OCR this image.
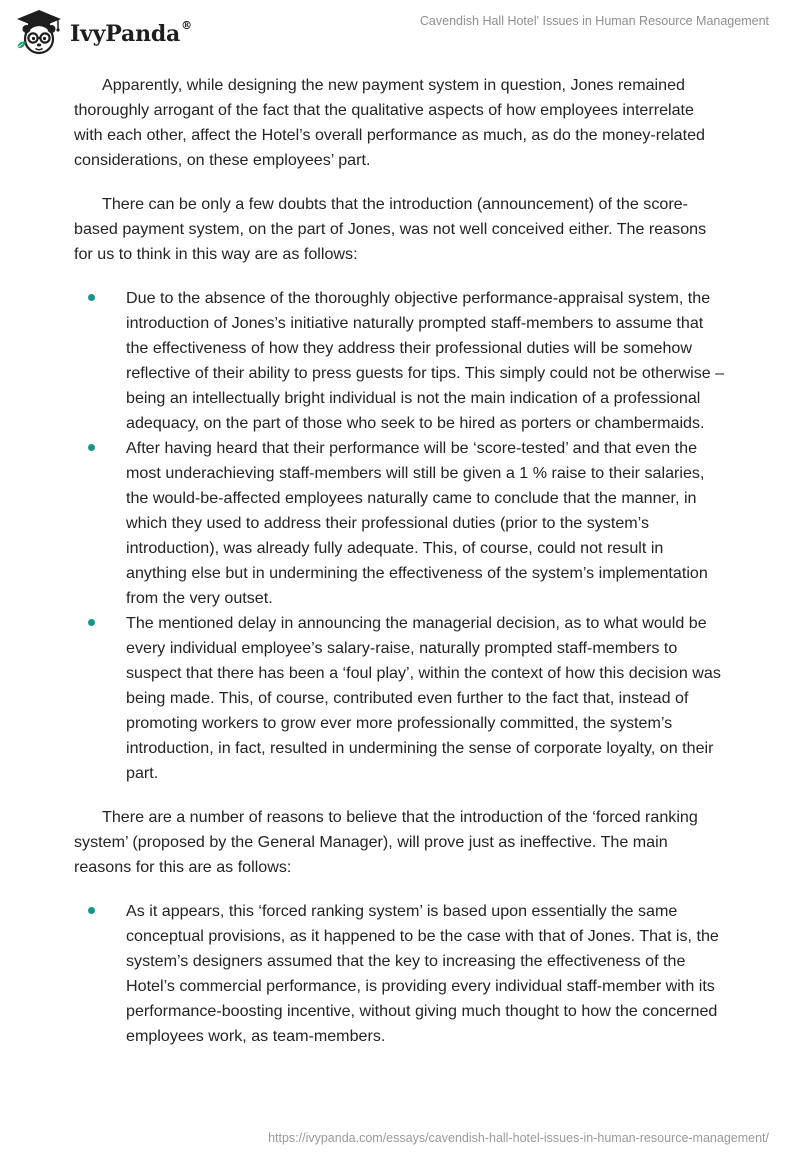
IvyPanda®	Cavendish Hall Hotel' Issues in Human Resource Management

Apparently, while designing the new payment system in question, Jones remained thoroughly arrogant of the fact that the qualitative aspects of how employees interrelate with each other, affect the Hotel’s overall performance as much, as do the money-related considerations, on these employees’ part.

There can be only a few doubts that the introduction (announcement) of the score-based payment system, on the part of Jones, was not well conceived either. The reasons for us to think in this way are as follows:

Due to the absence of the thoroughly objective performance-appraisal system, the introduction of Jones’s initiative naturally prompted staff-members to assume that the effectiveness of how they address their professional duties will be somehow reflective of their ability to press guests for tips. This simply could not be otherwise – being an intellectually bright individual is not the main indication of a professional adequacy, on the part of those who seek to be hired as porters or chambermaids.
After having heard that their performance will be ‘score-tested’ and that even the most underachieving staff-members will still be given a 1 % raise to their salaries, the would-be-affected employees naturally came to conclude that the manner, in which they used to address their professional duties (prior to the system’s introduction), was already fully adequate. This, of course, could not result in anything else but in undermining the effectiveness of the system’s implementation from the very outset.
The mentioned delay in announcing the managerial decision, as to what would be every individual employee’s salary-raise, naturally prompted staff-members to suspect that there has been a ‘foul play’, within the context of how this decision was being made. This, of course, contributed even further to the fact that, instead of promoting workers to grow ever more professionally committed, the system’s introduction, in fact, resulted in undermining the sense of corporate loyalty, on their part.

There are a number of reasons to believe that the introduction of the ‘forced ranking system’ (proposed by the General Manager), will prove just as ineffective. The main reasons for this are as follows:

As it appears, this ‘forced ranking system’ is based upon essentially the same conceptual provisions, as it happened to be the case with that of Jones. That is, the system’s designers assumed that the key to increasing the effectiveness of the Hotel’s commercial performance, is providing every individual staff-member with its performance-boosting incentive, without giving much thought to how the concerned employees work, as team-members.
https://ivypanda.com/essays/cavendish-hall-hotel-issues-in-human-resource-management/
